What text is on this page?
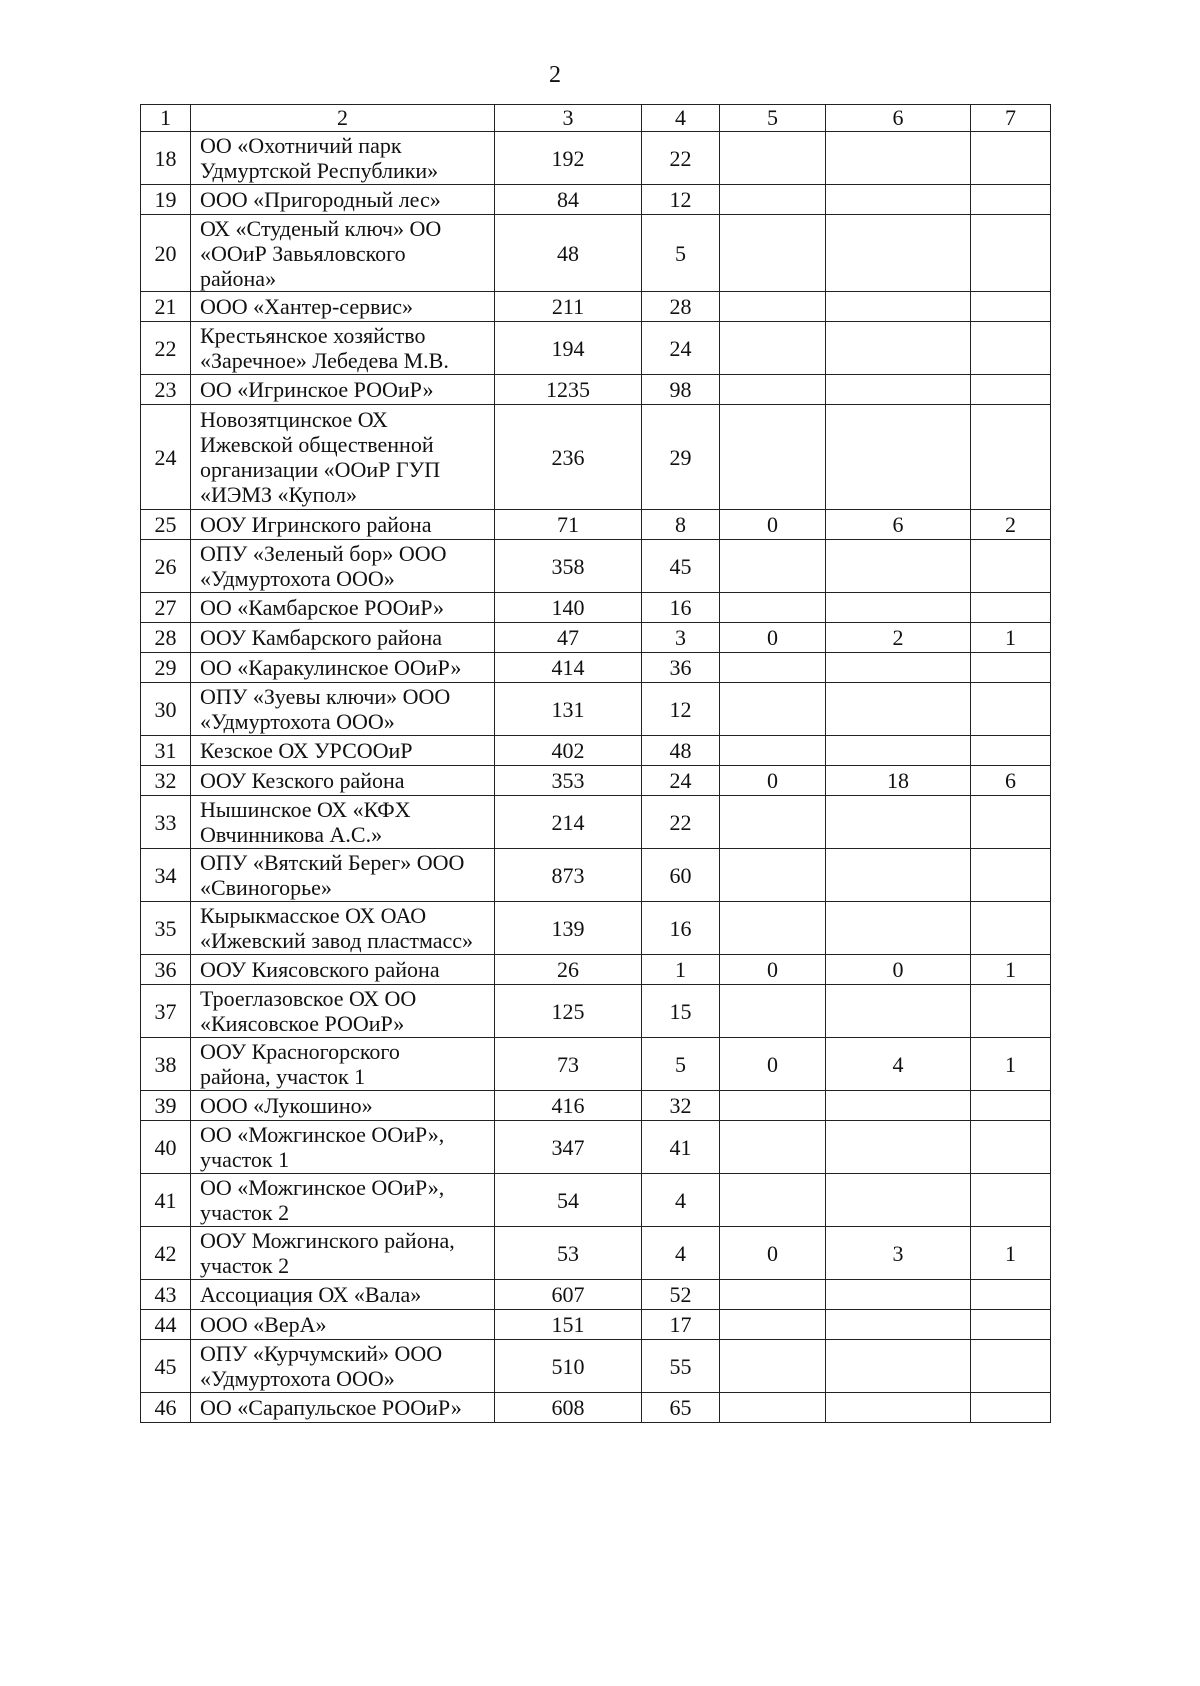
2
1	2	3	4	5	6	7
18	ОО «Охотничий парк
Удмуртской Республики»	192	22			
19	ООО «Пригородный лес»	84	12			
20	ОХ «Студеный ключ» ОО
«ООиР Завьяловского
района»	48	5			
21	ООО «Хантер-сервис»	211	28			
22	Крестьянское хозяйство
«Заречное» Лебедева М.В.	194	24			
23	ОО «Игринское РООиР»	1235	98			
24	Новозятцинское ОХ
Ижевской общественной
организации «ООиР ГУП
«ИЭМЗ «Купол»	236	29			
25	ООУ Игринского района	71	8	0	6	2
26	ОПУ «Зеленый бор» ООО
«Удмуртохота ООО»	358	45			
27	ОО «Камбарское РООиР»	140	16			
28	ООУ Камбарского района	47	3	0	2	1
29	ОО «Каракулинское ООиР»	414	36			
30	ОПУ «Зуевы ключи» ООО
«Удмуртохота ООО»	131	12			
31	Кезское ОХ УРСООиР	402	48			
32	ООУ Кезского района	353	24	0	18	6
33	Нышинское ОХ «КФХ
Овчинникова А.С.»	214	22			
34	ОПУ «Вятский Берег» ООО
«Свиногорье»	873	60			
35	Кырыкмасское ОХ ОАО
«Ижевский завод пластмасс»	139	16			
36	ООУ Киясовского района	26	1	0	0	1
37	Троеглазовское ОХ ОО
«Киясовское РООиР»	125	15			
38	ООУ Красногорского
района, участок 1	73	5	0	4	1
39	ООО «Лукошино»	416	32			
40	ОО «Можгинское ООиР»,
участок 1	347	41			
41	ОО «Можгинское ООиР»,
участок 2	54	4			
42	ООУ Можгинского района,
участок 2	53	4	0	3	1
43	Ассоциация ОХ «Вала»	607	52			
44	ООО «ВерА»	151	17			
45	ОПУ «Курчумский» ООО
«Удмуртохота ООО»	510	55			
46	ОО «Сарапульское РООиР»	608	65			
